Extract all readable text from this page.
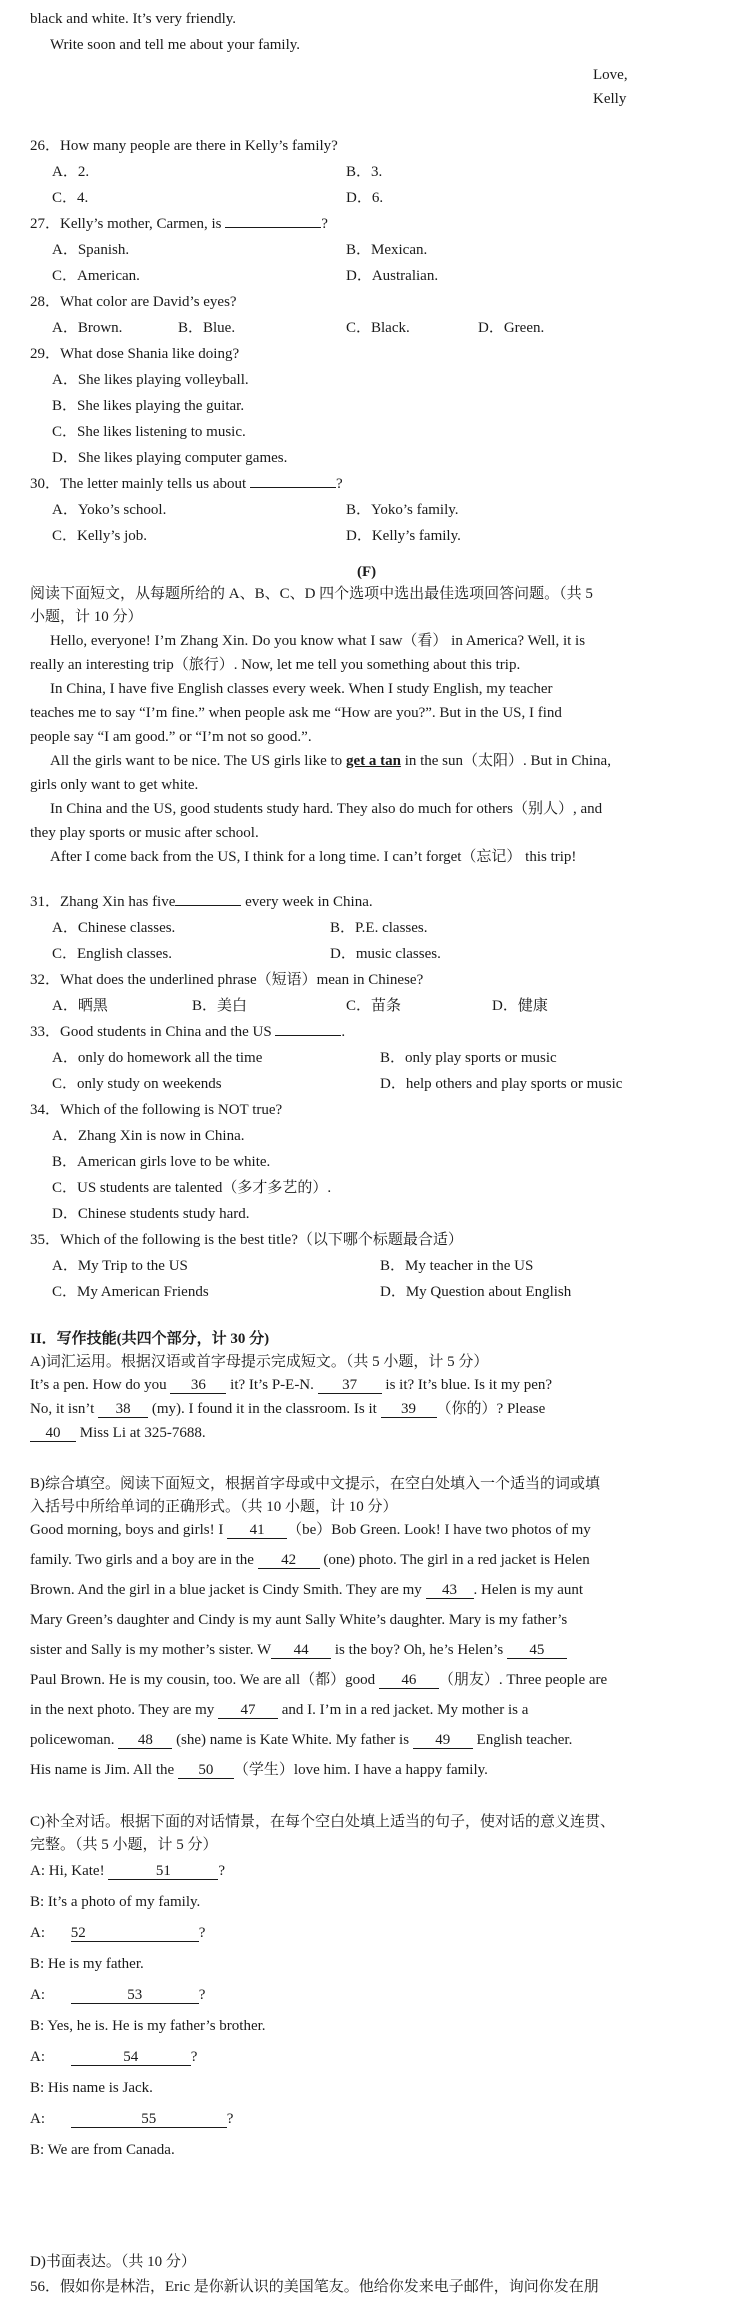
black and white. It’s very friendly.
Write soon and tell me about your family.
Love,
Kelly
26．How many people are there in Kelly’s family?
A．2.	B．3.
C．4.	D．6.
27．Kelly’s mother, Carmen, is	?
A．Spanish.	B．Mexican.
C．American.	D．Australian.
28．What color are David’s eyes?
A．Brown.	B．Blue.	C．Black.	D．Green.
29．What dose Shania like doing?
A．She likes playing volleyball.
B．She likes playing the guitar.
C．She likes listening to music.
D．She likes playing computer games.
30．The letter mainly tells us about	?
A．Yoko’s school.	B．Yoko’s family.
C．Kelly’s job.	D．Kelly’s family.
(F)
阅读下面短文，从每题所给的 A、B、C、D 四个选项中选出最佳选项回答问题。（共 5
小题，计 10 分）
Hello, everyone! I’m Zhang Xin. Do you know what I saw（看） in America? Well, it is
really an interesting trip（旅行）. Now, let me tell you something about this trip.
In China, I have five English classes every week. When I study English, my teacher
teaches me to say “I’m fine.” when people ask me “How are you?”. But in the US, I find
people say “I am good.” or “I’m not so good.”.
All the girls want to be nice. The US girls like to get a tan in the sun（太阳）. But in China,
girls only want to get white.
In China and the US, good students study hard. They also do much for others（别人）, and
they play sports or music after school.
After I come back from the US, I think for a long time. I can’t forget（忘记） this trip!
31．Zhang Xin has five	every week in China.
A．Chinese classes.	B．P.E. classes.
C．English classes.	D．music classes.
32．What does the underlined phrase（短语）mean in Chinese?
A．晒黑	B．美白	C．苗条	D．健康
33．Good students in China and the US	.
A．only do homework all the time	B．only play sports or music
C．only study on weekends	D．help others and play sports or music
34．Which of the following is NOT true?
A．Zhang Xin is now in China.
B．American girls love to be white.
C．US students are talented（多才多艺的）.
D．Chinese students study hard.
35．Which of the following is the best title?（以下哪个标题最合适）
A．My Trip to the US	B．My teacher in the US
C．My American Friends	D．My Question about English
II．写作技能(共四个部分，计 30 分)
A)词汇运用。根据汉语或首字母提示完成短文。（共 5 小题，计 5 分）
It’s a pen. How do you 36 it? It’s P-E-N. 37 is it? It’s blue. Is it my pen?
No, it isn’t 38 (my). I found it in the classroom. Is it 39 （你的）? Please
40 Miss Li at 325-7688.
B)综合填空。阅读下面短文，根据首字母或中文提示，在空白处填入一个适当的词或填
入括号中所给单词的正确形式。（共 10 小题，计 10 分）
Good morning, boys and girls! I 41 （be）Bob Green. Look! I have two photos of my
family. Two girls and a boy are in the 42 (one) photo. The girl in a red jacket is Helen
Brown. And the girl in a blue jacket is Cindy Smith. They are my 43 . Helen is my aunt
Mary Green’s daughter and Cindy is my aunt Sally White’s daughter. Mary is my father’s
sister and Sally is my mother’s sister. W 44 is the boy? Oh, he’s Helen’s 45
Paul Brown. He is my cousin, too. We are all（都）good 46 （朋友）. Three people are
in the next photo. They are my 47 and I. I’m in a red jacket. My mother is a
policewoman. 48 (she) name is Kate White. My father is 49 English teacher.
His name is Jim. All the 50 （学生）love him. I have a happy family.
C)补全对话。根据下面的对话情景，在每个空白处填上适当的句子，使对话的意义连贯、
完整。（共 5 小题，计 5 分）
A: Hi, Kate!	51	?
B: It’s a photo of my family.
A: 52	?
B: He is my father.
A:	53	?
B: Yes, he is. He is my father’s brother.
A:	54	?
B: His name is Jack.
A:	55	?
B: We are from Canada.
D)书面表达。（共 10 分）
56．假如你是林浩，Eric 是你新认识的美国笔友。他给你发来电子邮件，询问你发在朋
